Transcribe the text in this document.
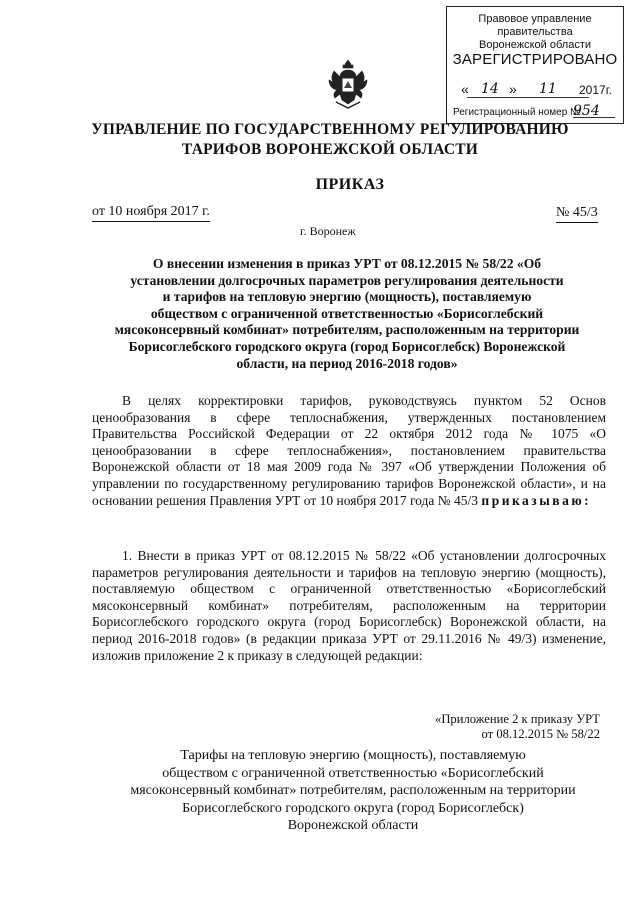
Правовое управление правительства
Воронежской области
ЗАРЕГИСТРИРОВАНО
« 14 » 11 2017г.
Регистрационный номер №
954
УПРАВЛЕНИЕ ПО ГОСУДАРСТВЕННОМУ РЕГУЛИРОВАНИЮ
ТАРИФОВ ВОРОНЕЖСКОЙ ОБЛАСТИ
ПРИКАЗ
от 10 ноября 2017 г.
г. Воронеж
№ 45/3
О внесении изменения в приказ УРТ от 08.12.2015 № 58/22 «Об
установлении долгосрочных параметров регулирования деятельности
и тарифов на тепловую энергию (мощность), поставляемую
обществом с ограниченной ответственностью «Борисоглебский
мясоконсервный комбинат» потребителям, расположенным на территории
Борисоглебского городского округа (город Борисоглебск) Воронежской
области, на период 2016-2018 годов»
В целях корректировки тарифов, руководствуясь пунктом 52 Основ ценообразования в сфере теплоснабжения, утвержденных постановлением Правительства Российской Федерации от 22 октября 2012 года № 1075 «О ценообразовании в сфере теплоснабжения», постановлением правительства Воронежской области от 18 мая 2009 года № 397 «Об утверждении Положения об управлении по государственному регулированию тарифов Воронежской области», и на основании решения Правления УРТ от 10 ноября 2017 года № 45/3 приказываю:
1. Внести в приказ УРТ от 08.12.2015 № 58/22 «Об установлении долгосрочных параметров регулирования деятельности и тарифов на тепловую энергию (мощность), поставляемую обществом с ограниченной ответственностью «Борисоглебский мясоконсервный комбинат» потребителям, расположенным на территории Борисоглебского городского округа (город Борисоглебск) Воронежской области, на период 2016-2018 годов» (в редакции приказа УРТ от 29.11.2016 № 49/3) изменение, изложив приложение 2 к приказу в следующей редакции:
«Приложение 2 к приказу УРТ
от 08.12.2015 № 58/22
Тарифы на тепловую энергию (мощность), поставляемую
обществом с ограниченной ответственностью «Борисоглебский
мясоконсервный комбинат» потребителям, расположенным на территории
Борисоглебского городского округа (город Борисоглебск)
Воронежской области
